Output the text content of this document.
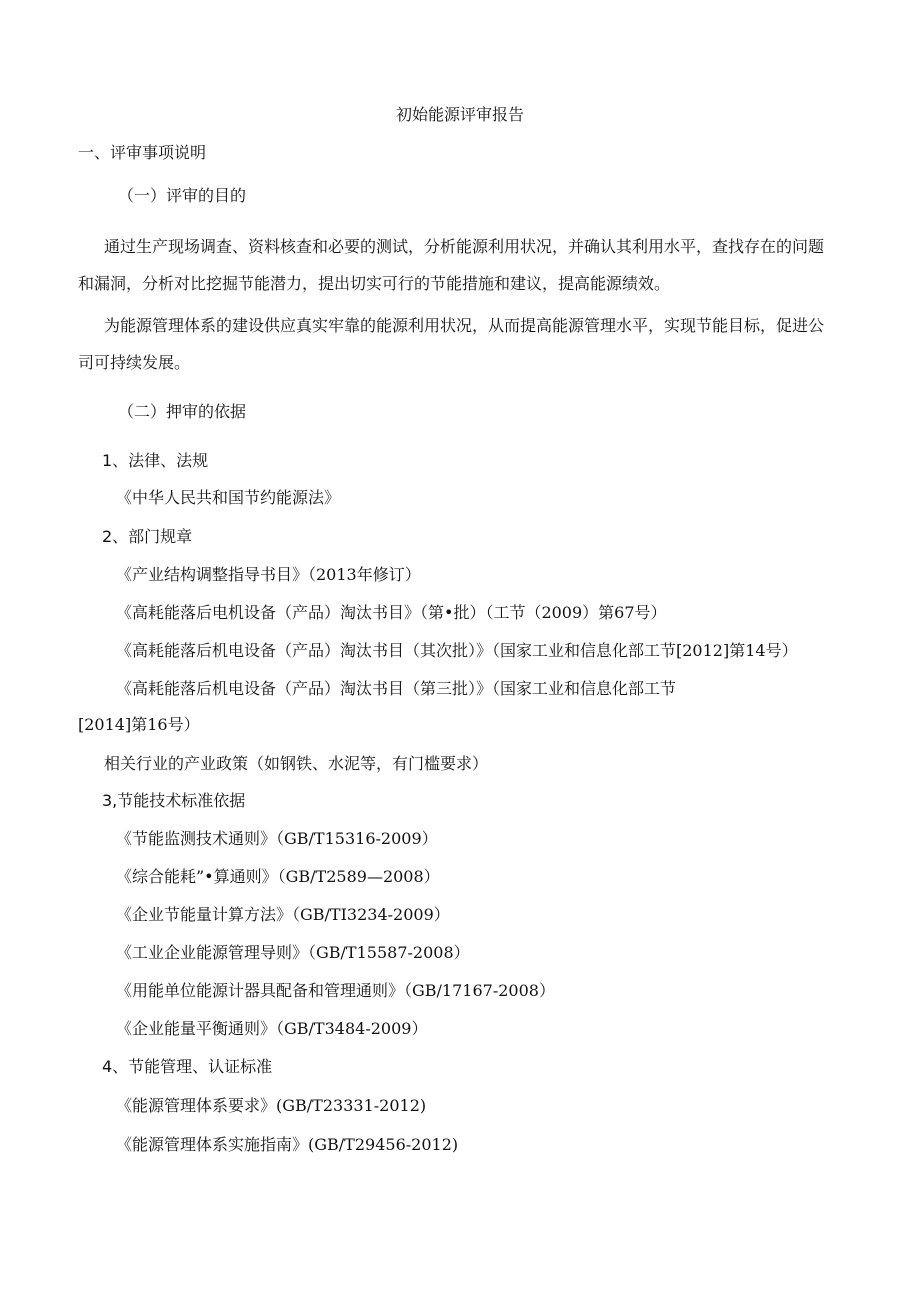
初始能源评审报告
一、评审事项说明
（一）评审的目的
通过生产现场调查、资料核查和必要的测试，分析能源利用状况，并确认其利用水平，查找存在的问题
和漏洞，分析对比挖掘节能潜力，提出切实可行的节能措施和建议，提高能源绩效。
为能源管理体系的建设供应真实牢靠的能源利用状况，从而提高能源管理水平，实现节能目标，促进公
司可持续发展。
（二）押审的依据
1、法律、法规
《中华人民共和国节约能源法》
2、部门规章
《产业结构调整指导书目》（2013年修订）
《高耗能落后电机设备（产品）淘汰书目》（第•批）（工节（2009）第67号）
《高耗能落后机电设备（产品）淘汰书目（其次批）》（国家工业和信息化部工节[2012]第14号）
《高耗能落后机电设备（产品）淘汰书目（第三批）》（国家工业和信息化部工节
[2014]第16号）
相关行业的产业政策（如钢铁、水泥等，有门槛要求）
3,节能技术标准依据
《节能监测技术通则》（GB/T15316-2009）
《综合能耗”•算通则》（GB/T2589—2008）
《企业节能量计算方法》（GB/TI3234-2009）
《工业企业能源管理导则》（GB/T15587-2008）
《用能单位能源计器具配备和管理通则》（GB/17167-2008）
《企业能量平衡通则》（GB/T3484-2009）
4、节能管理、认证标准
《能源管理体系要求》(GB/T23331-2012)
《能源管理体系实施指南》(GB/T29456-2012)
